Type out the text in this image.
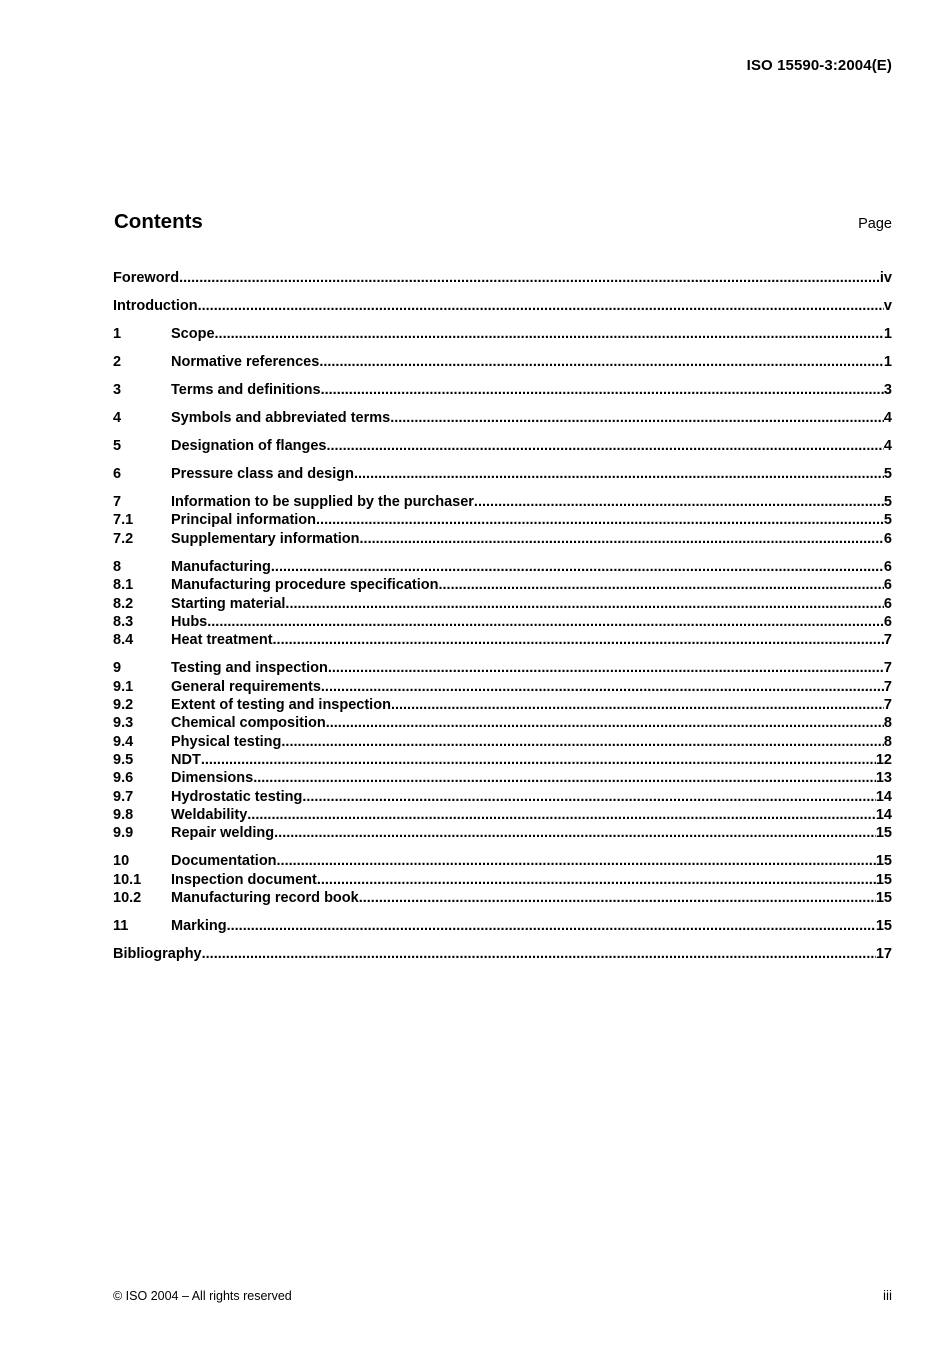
ISO 15590-3:2004(E)
Contents	Page
Foreword .....	iv
Introduction .....	v
1	Scope .....	1
2	Normative references .....	1
3	Terms and definitions .....	3
4	Symbols and abbreviated terms .....	4
5	Designation of flanges .....	4
6	Pressure class and design .....	5
7	Information to be supplied by the purchaser .....	5
7.1	Principal information .....	5
7.2	Supplementary information .....	6
8	Manufacturing .....	6
8.1	Manufacturing procedure specification .....	6
8.2	Starting material .....	6
8.3	Hubs .....	6
8.4	Heat treatment .....	7
9	Testing and inspection .....	7
9.1	General requirements .....	7
9.2	Extent of testing and inspection .....	7
9.3	Chemical composition .....	8
9.4	Physical testing .....	8
9.5	NDT .....	12
9.6	Dimensions .....	13
9.7	Hydrostatic testing .....	14
9.8	Weldability .....	14
9.9	Repair welding .....	15
10	Documentation .....	15
10.1	Inspection document .....	15
10.2	Manufacturing record book .....	15
11	Marking .....	15
Bibliography .....	17
© ISO 2004 – All rights reserved	iii
